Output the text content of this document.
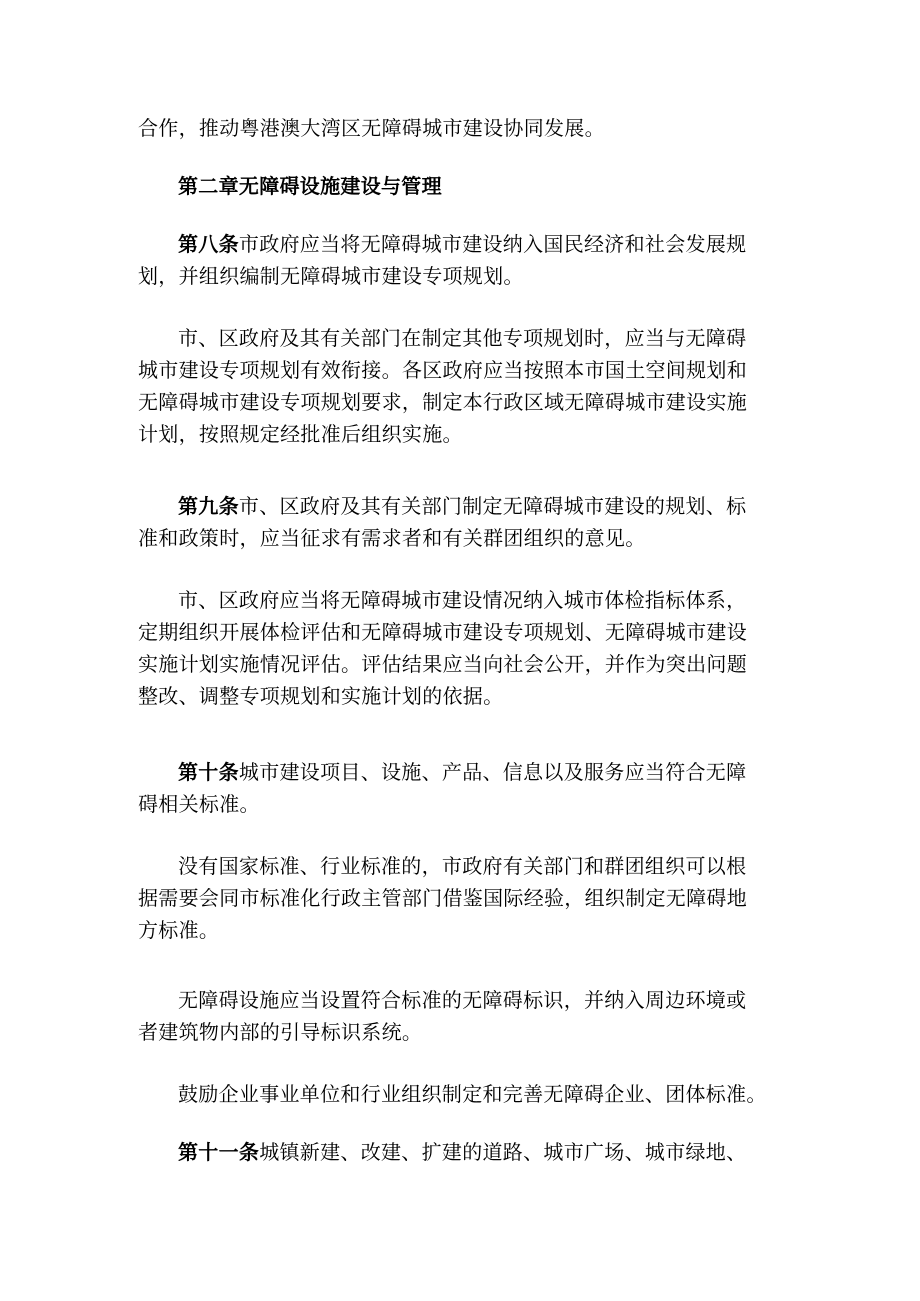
合作，推动粤港澳大湾区无障碍城市建设协同发展。

第二章无障碍设施建设与管理

第八条市政府应当将无障碍城市建设纳入国民经济和社会发展规
划，并组织编制无障碍城市建设专项规划。

市、区政府及其有关部门在制定其他专项规划时，应当与无障碍
城市建设专项规划有效衔接。各区政府应当按照本市国土空间规划和
无障碍城市建设专项规划要求，制定本行政区域无障碍城市建设实施
计划，按照规定经批准后组织实施。

第九条市、区政府及其有关部门制定无障碍城市建设的规划、标
准和政策时，应当征求有需求者和有关群团组织的意见。

市、区政府应当将无障碍城市建设情况纳入城市体检指标体系，
定期组织开展体检评估和无障碍城市建设专项规划、无障碍城市建设
实施计划实施情况评估。评估结果应当向社会公开，并作为突出问题
整改、调整专项规划和实施计划的依据。

第十条城市建设项目、设施、产品、信息以及服务应当符合无障
碍相关标准。

没有国家标准、行业标准的，市政府有关部门和群团组织可以根
据需要会同市标准化行政主管部门借鉴国际经验，组织制定无障碍地
方标准。

无障碍设施应当设置符合标准的无障碍标识，并纳入周边环境或
者建筑物内部的引导标识系统。

鼓励企业事业单位和行业组织制定和完善无障碍企业、团体标准。

第十一条城镇新建、改建、扩建的道路、城市广场、城市绿地、
